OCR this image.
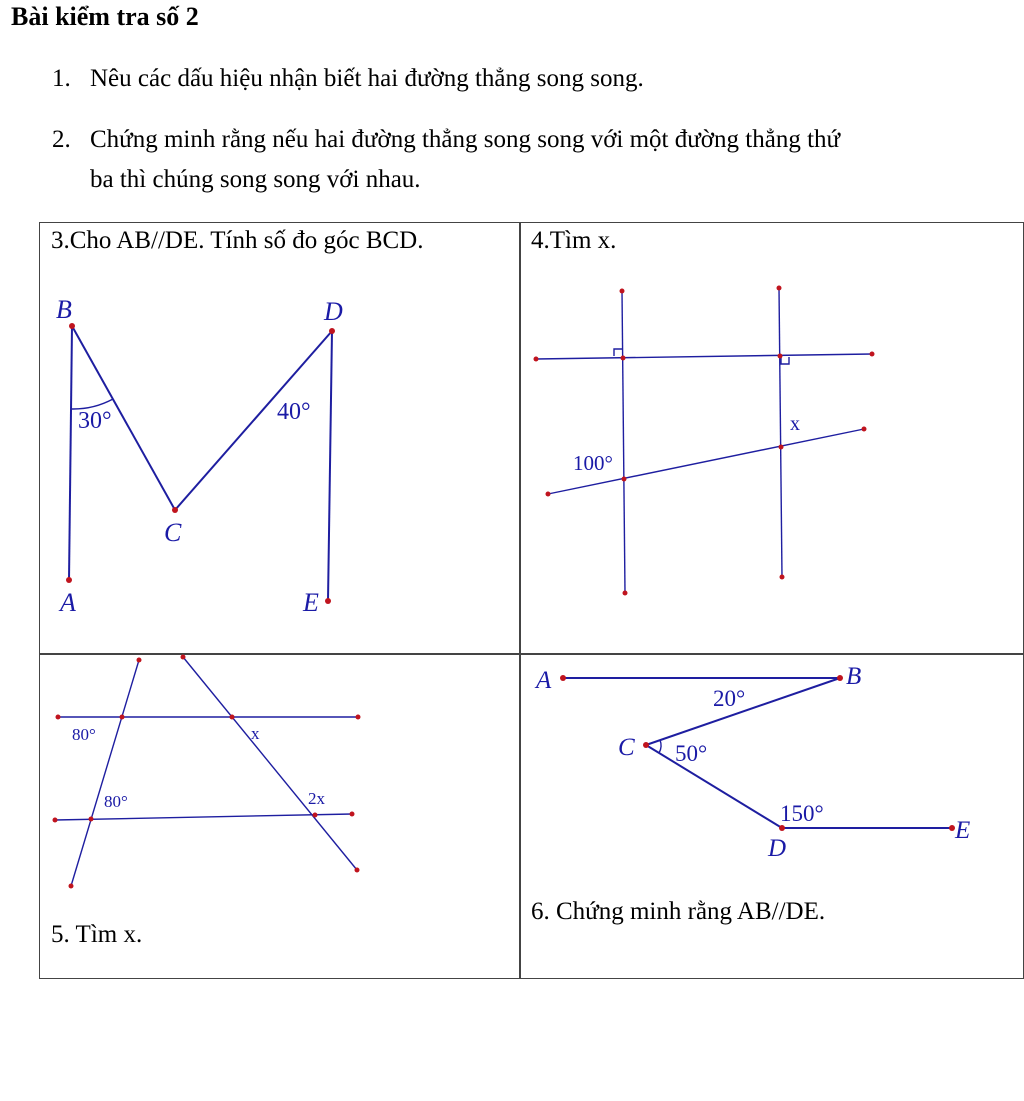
Bài kiểm tra số 2
1. Nêu các dấu hiệu nhận biết hai đường thẳng song song.
2. Chứng minh rằng nếu hai đường thẳng song song với một đường thẳng thứ
ba thì chúng song song với nhau.
3.Cho AB//DE. Tính số đo góc BCD.	4.Tìm x.
5. Tìm x.
6. Chứng minh rằng AB//DE.
B	D
C
A	E
30°	40°
100°
x
80°
80°
x
2x
A	B
C
D
E
20°
50°
150°
